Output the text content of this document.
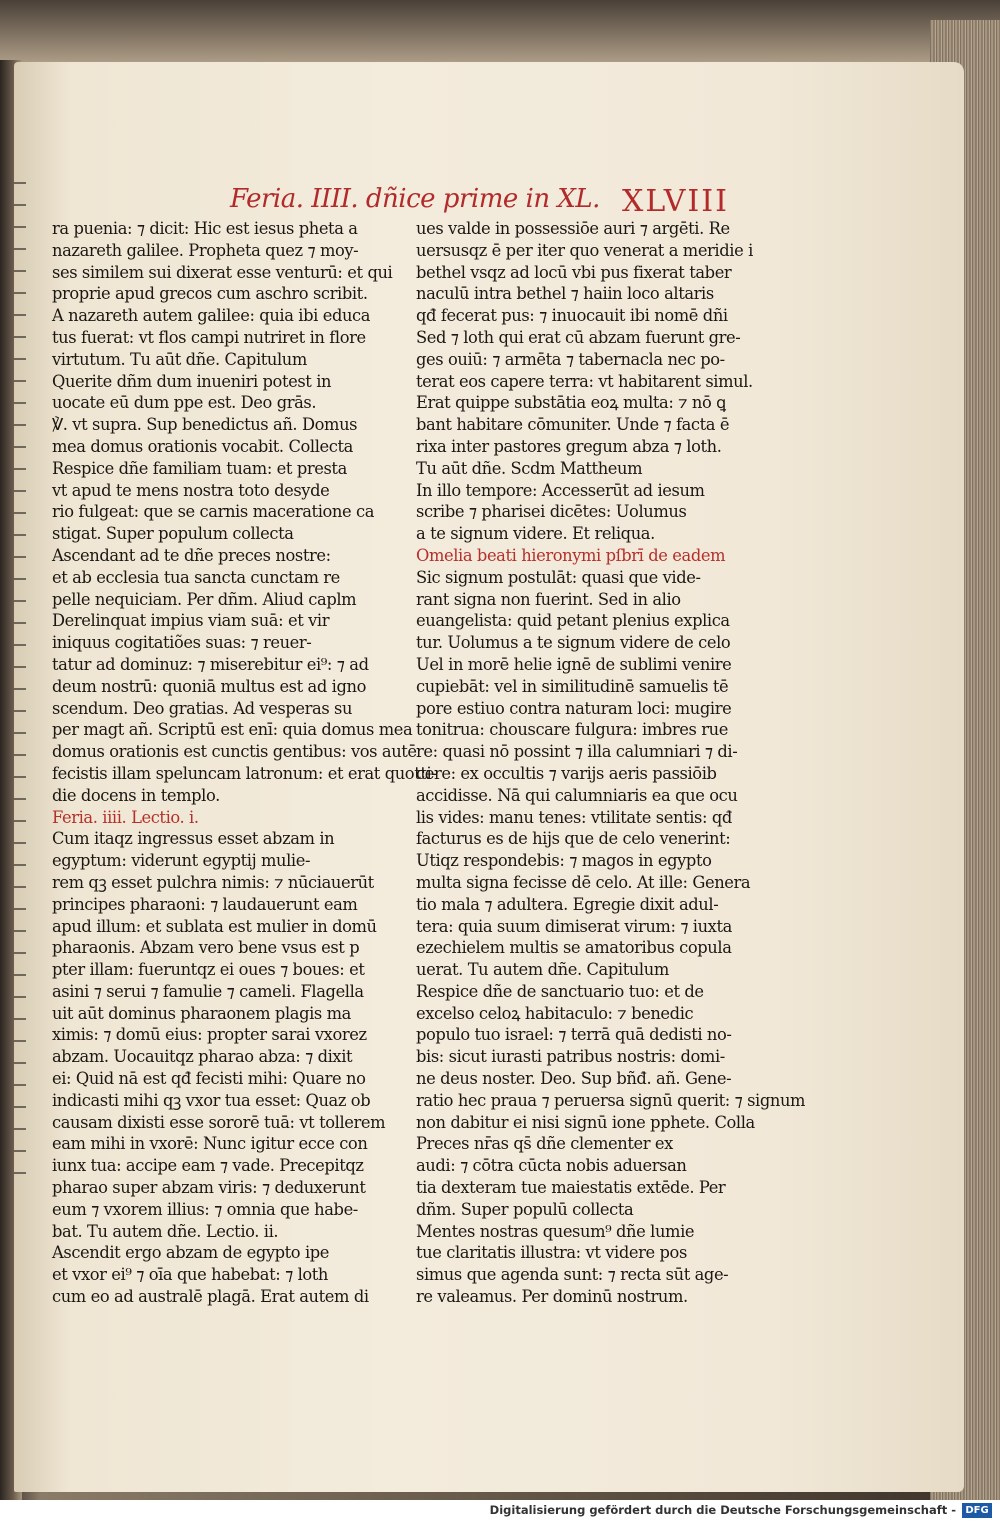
Feria. IIII. dñice prime in XL. XLVIII
ra puenia: ⁊ dicit: Hic est iesus pheta a
nazareth galilee. Propheta quez ⁊ moy-
ses similem sui dixerat esse venturū: et qui
proprie apud grecos cum aschro scribit.
A nazareth autem galilee: quia ibi educa
tus fuerat: vt flos campi nutriret in flore
virtutum. Tu aūt dñe. Capitulum
Querite dñm dum inueniri potest in
uocate eū dum ppe est. Deo grās.
℣. vt supra. Sup benedictus añ. Domus
mea domus orationis vocabit. Collecta
Respice dñe familiam tuam: et presta
vt apud te mens nostra toto desyde
rio fulgeat: que se carnis maceratione ca
stigat. Super populum collecta
Ascendant ad te dñe preces nostre:
et ab ecclesia tua sancta cunctam re
pelle nequiciam. Per dñm. Aliud caplm
Derelinquat impius viam suā: et vir
iniquus cogitatiões suas: ⁊ reuer-
tatur ad dominuz: ⁊ miserebitur ei⁹: ⁊ ad
deum nostrū: quoniā multus est ad igno
scendum. Deo gratias. Ad vesperas su
per magt añ. Scriptū est enī: quia domus mea
domus orationis est cunctis gentibus: vos autē
fecistis illam speluncam latronum: et erat quotti-
die docens in templo.
Feria. iiii. Lectio. i.
Cum itaqz ingressus esset abzam in
egyptum: viderunt egyptij mulie-
rem qꝫ esset pulchra nimis: ⁊ nūciauerūt
principes pharaoni: ⁊ laudauerunt eam
apud illum: et sublata est mulier in domū
pharaonis. Abzam vero bene vsus est p
pter illam: fueruntqz ei oues ⁊ boues: et
asini ⁊ serui ⁊ famulie ⁊ cameli. Flagella
uit aūt dominus pharaonem plagis ma
ximis: ⁊ domū eius: propter sarai vxorez
abzam. Uocauitqz pharao abza: ⁊ dixit
ei: Quid nā est qđ fecisti mihi: Quare no
indicasti mihi qꝫ vxor tua esset: Quaz ob
causam dixisti esse sororē tuā: vt tollerem
eam mihi in vxorē: Nunc igitur ecce con
iunx tua: accipe eam ⁊ vade. Precepitqz
pharao super abzam viris: ⁊ deduxerunt
eum ⁊ vxorem illius: ⁊ omnia que habe-
bat. Tu autem dñe. Lectio. ii.
Ascendit ergo abzam de egypto ipe
et vxor ei⁹ ⁊ oīa que habebat: ⁊ loth
cum eo ad australē plagā. Erat autem di
ues valde in possessiōe auri ⁊ argēti. Re
uersusqz ē per iter quo venerat a meridie i
bethel vsqz ad locū vbi pus fixerat taber
naculū intra bethel ⁊ haiin loco altaris
qđ fecerat pus: ⁊ inuocauit ibi nomē dñi
Sed ⁊ loth qui erat cū abzam fuerunt gre-
ges ouiū: ⁊ armēta ⁊ tabernacla nec po-
terat eos capere terra: vt habitarent simul.
Erat quippe substātia eoꝝ multa: ⁊ nō ꝗ
bant habitare cōmuniter. Unde ⁊ facta ē
rixa inter pastores gregum abza ⁊ loth.
Tu aūt dñe. Scdm Mattheum
In illo tempore: Accesserūt ad iesum
scribe ⁊ pharisei dicētes: Uolumus
a te signum videre. Et reliqua.
Omelia beati hieronymi pſbrī de eadem
Sic signum postulāt: quasi que vide-
rant signa non fuerint. Sed in alio
euangelista: quid petant plenius explica
tur. Uolumus a te signum videre de celo
Uel in morē helie ignē de sublimi venire
cupiebāt: vel in similitudinē samuelis tē
pore estiuo contra naturam loci: mugire
tonitrua: chouscare fulgura: imbres rue
re: quasi nō possint ⁊ illa calumniari ⁊ di-
cere: ex occultis ⁊ varijs aeris passiōib
accidisse. Nā qui calumniaris ea que ocu
lis vides: manu tenes: vtilitate sentis: qđ
facturus es de hijs que de celo venerint:
Utiqz respondebis: ⁊ magos in egypto
multa signa fecisse dē celo. At ille: Genera
tio mala ⁊ adultera. Egregie dixit adul-
tera: quia suum dimiserat virum: ⁊ iuxta
ezechielem multis se amatoribus copula
uerat. Tu autem dñe. Capitulum
Respice dñe de sanctuario tuo: et de
excelso celoꝝ habitaculo: ⁊ benedic
populo tuo israel: ⁊ terrā quā dedisti no-
bis: sicut iurasti patribus nostris: domi-
ne deus noster. Deo. Sup bñđ. añ. Gene-
ratio hec praua ⁊ peruersa signū querit: ⁊ signum
non dabitur ei nisi signū ione pphete. Colla
Preces nr̄as qs̄ dñe clementer ex
audi: ⁊ cōtra cūcta nobis aduersan
tia dexteram tue maiestatis extēde. Per
dñm. Super populū collecta
Mentes nostras quesum⁹ dñe lumie
tue claritatis illustra: vt videre pos
simus que agenda sunt: ⁊ recta sūt age-
re valeamus. Per dominū nostrum.
Digitalisierung gefördert durch die Deutsche Forschungsgemeinschaft - DFG
